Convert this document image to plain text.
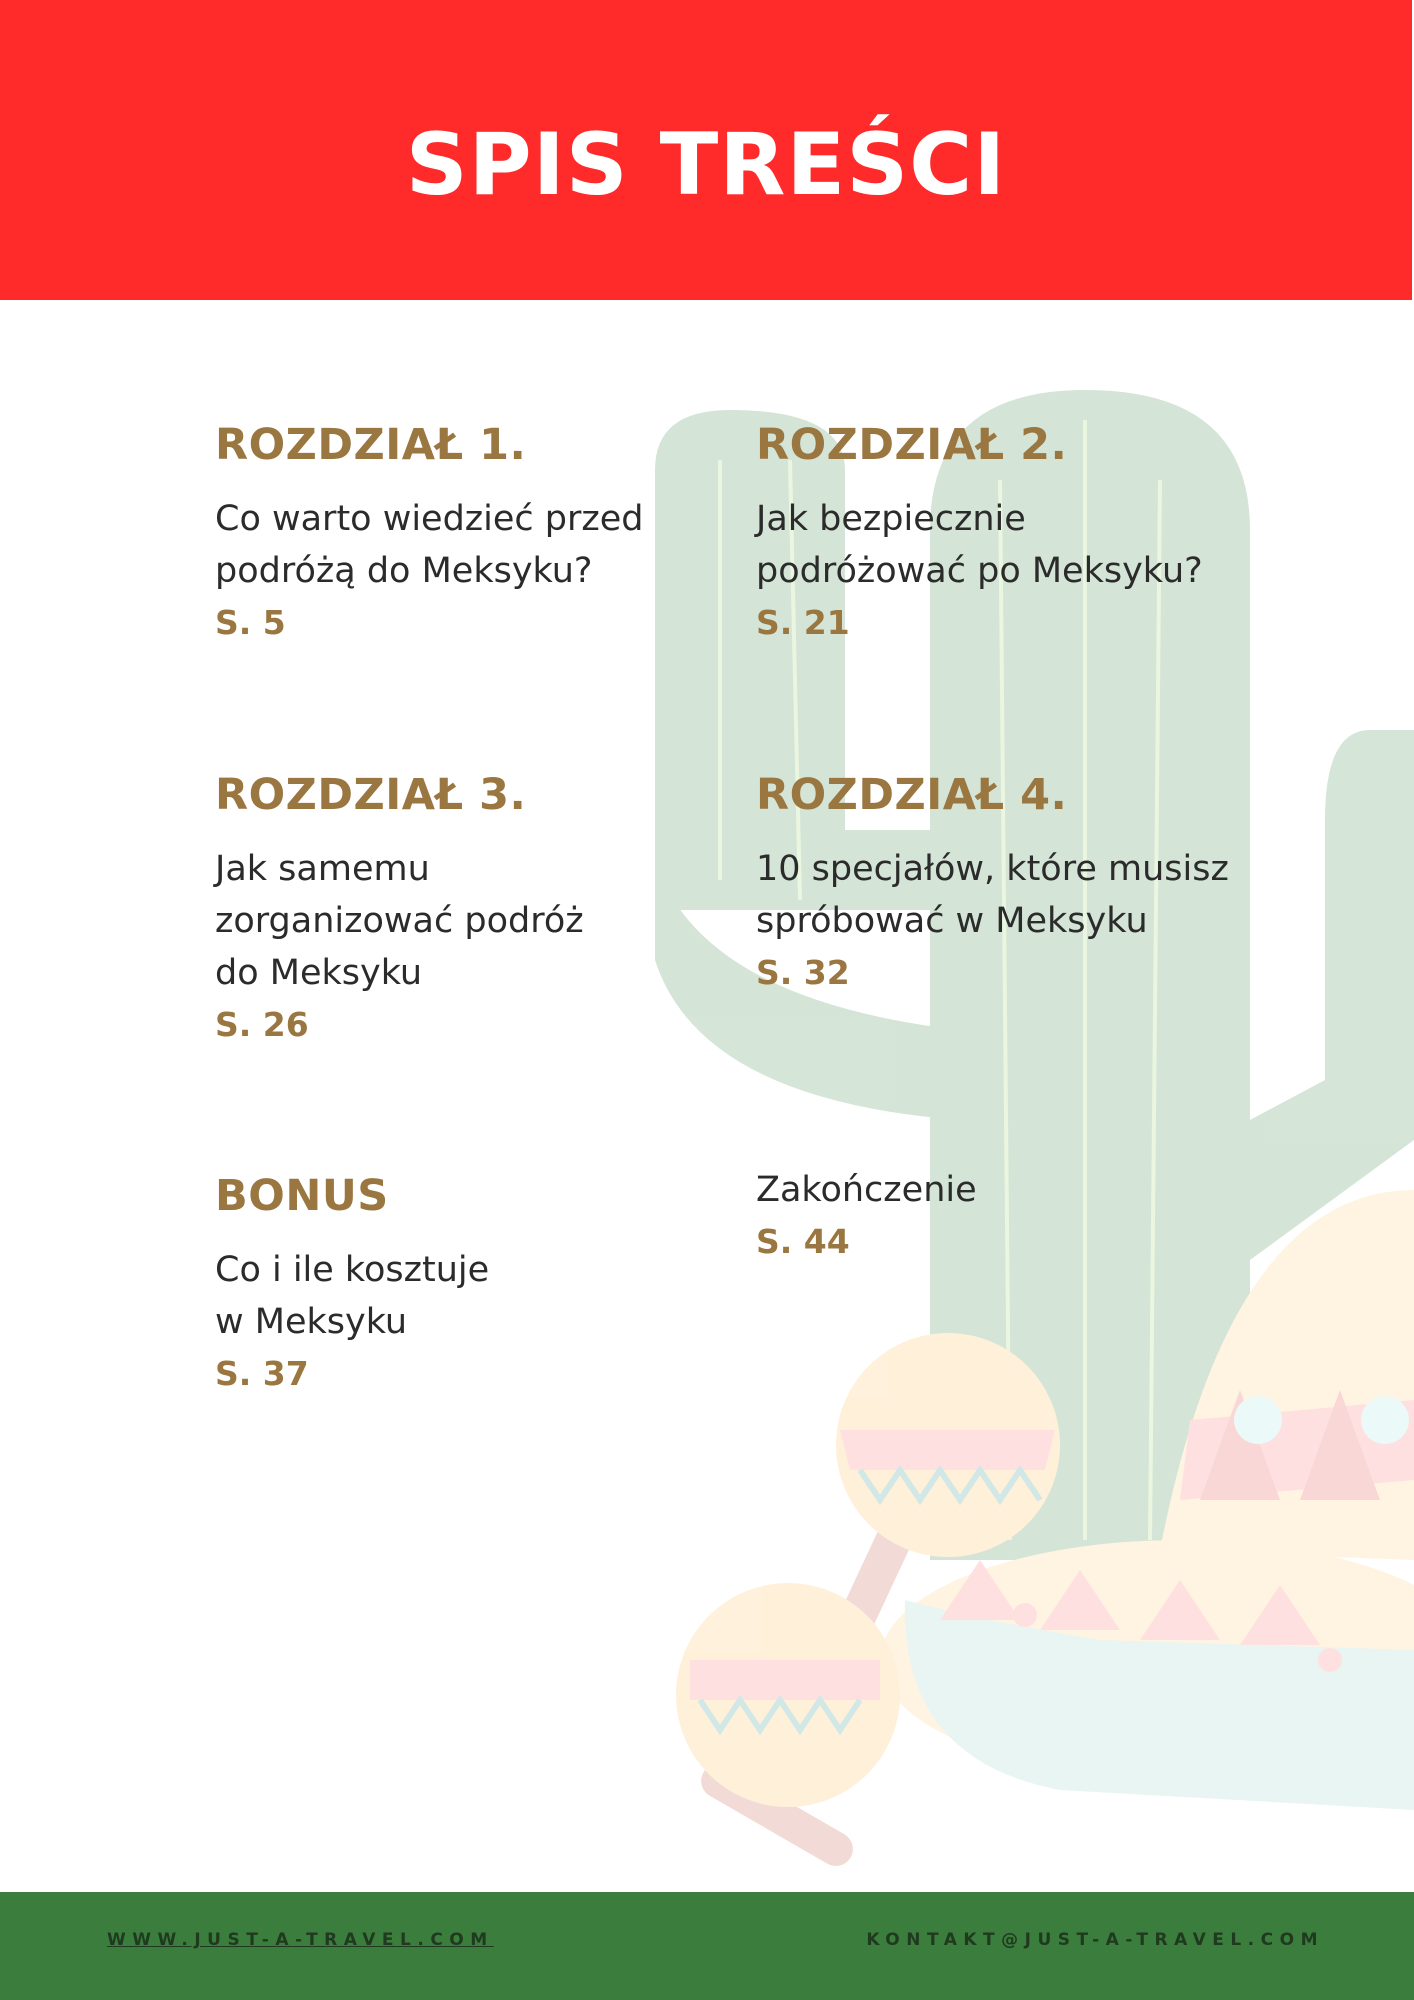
SPIS TREŚCI

ROZDZIAŁ 1.

Co warto wiedzieć przed
podróżą do Meksyku?

S. 5

ROZDZIAŁ 2.

Jak bezpiecznie
podróżować po Meksyku?

S. 21

ROZDZIAŁ 3.

Jak samemu
zorganizować podróż
do Meksyku

S. 26

ROZDZIAŁ 4.

10 specjałów, które musisz
spróbować w Meksyku

S. 32

BONUS

Co i ile kosztuje
w Meksyku

S. 37

Zakończenie

S. 44

WWW.JUST-A-TRAVEL.COM	KONTAKT@JUST-A-TRAVEL.COM
